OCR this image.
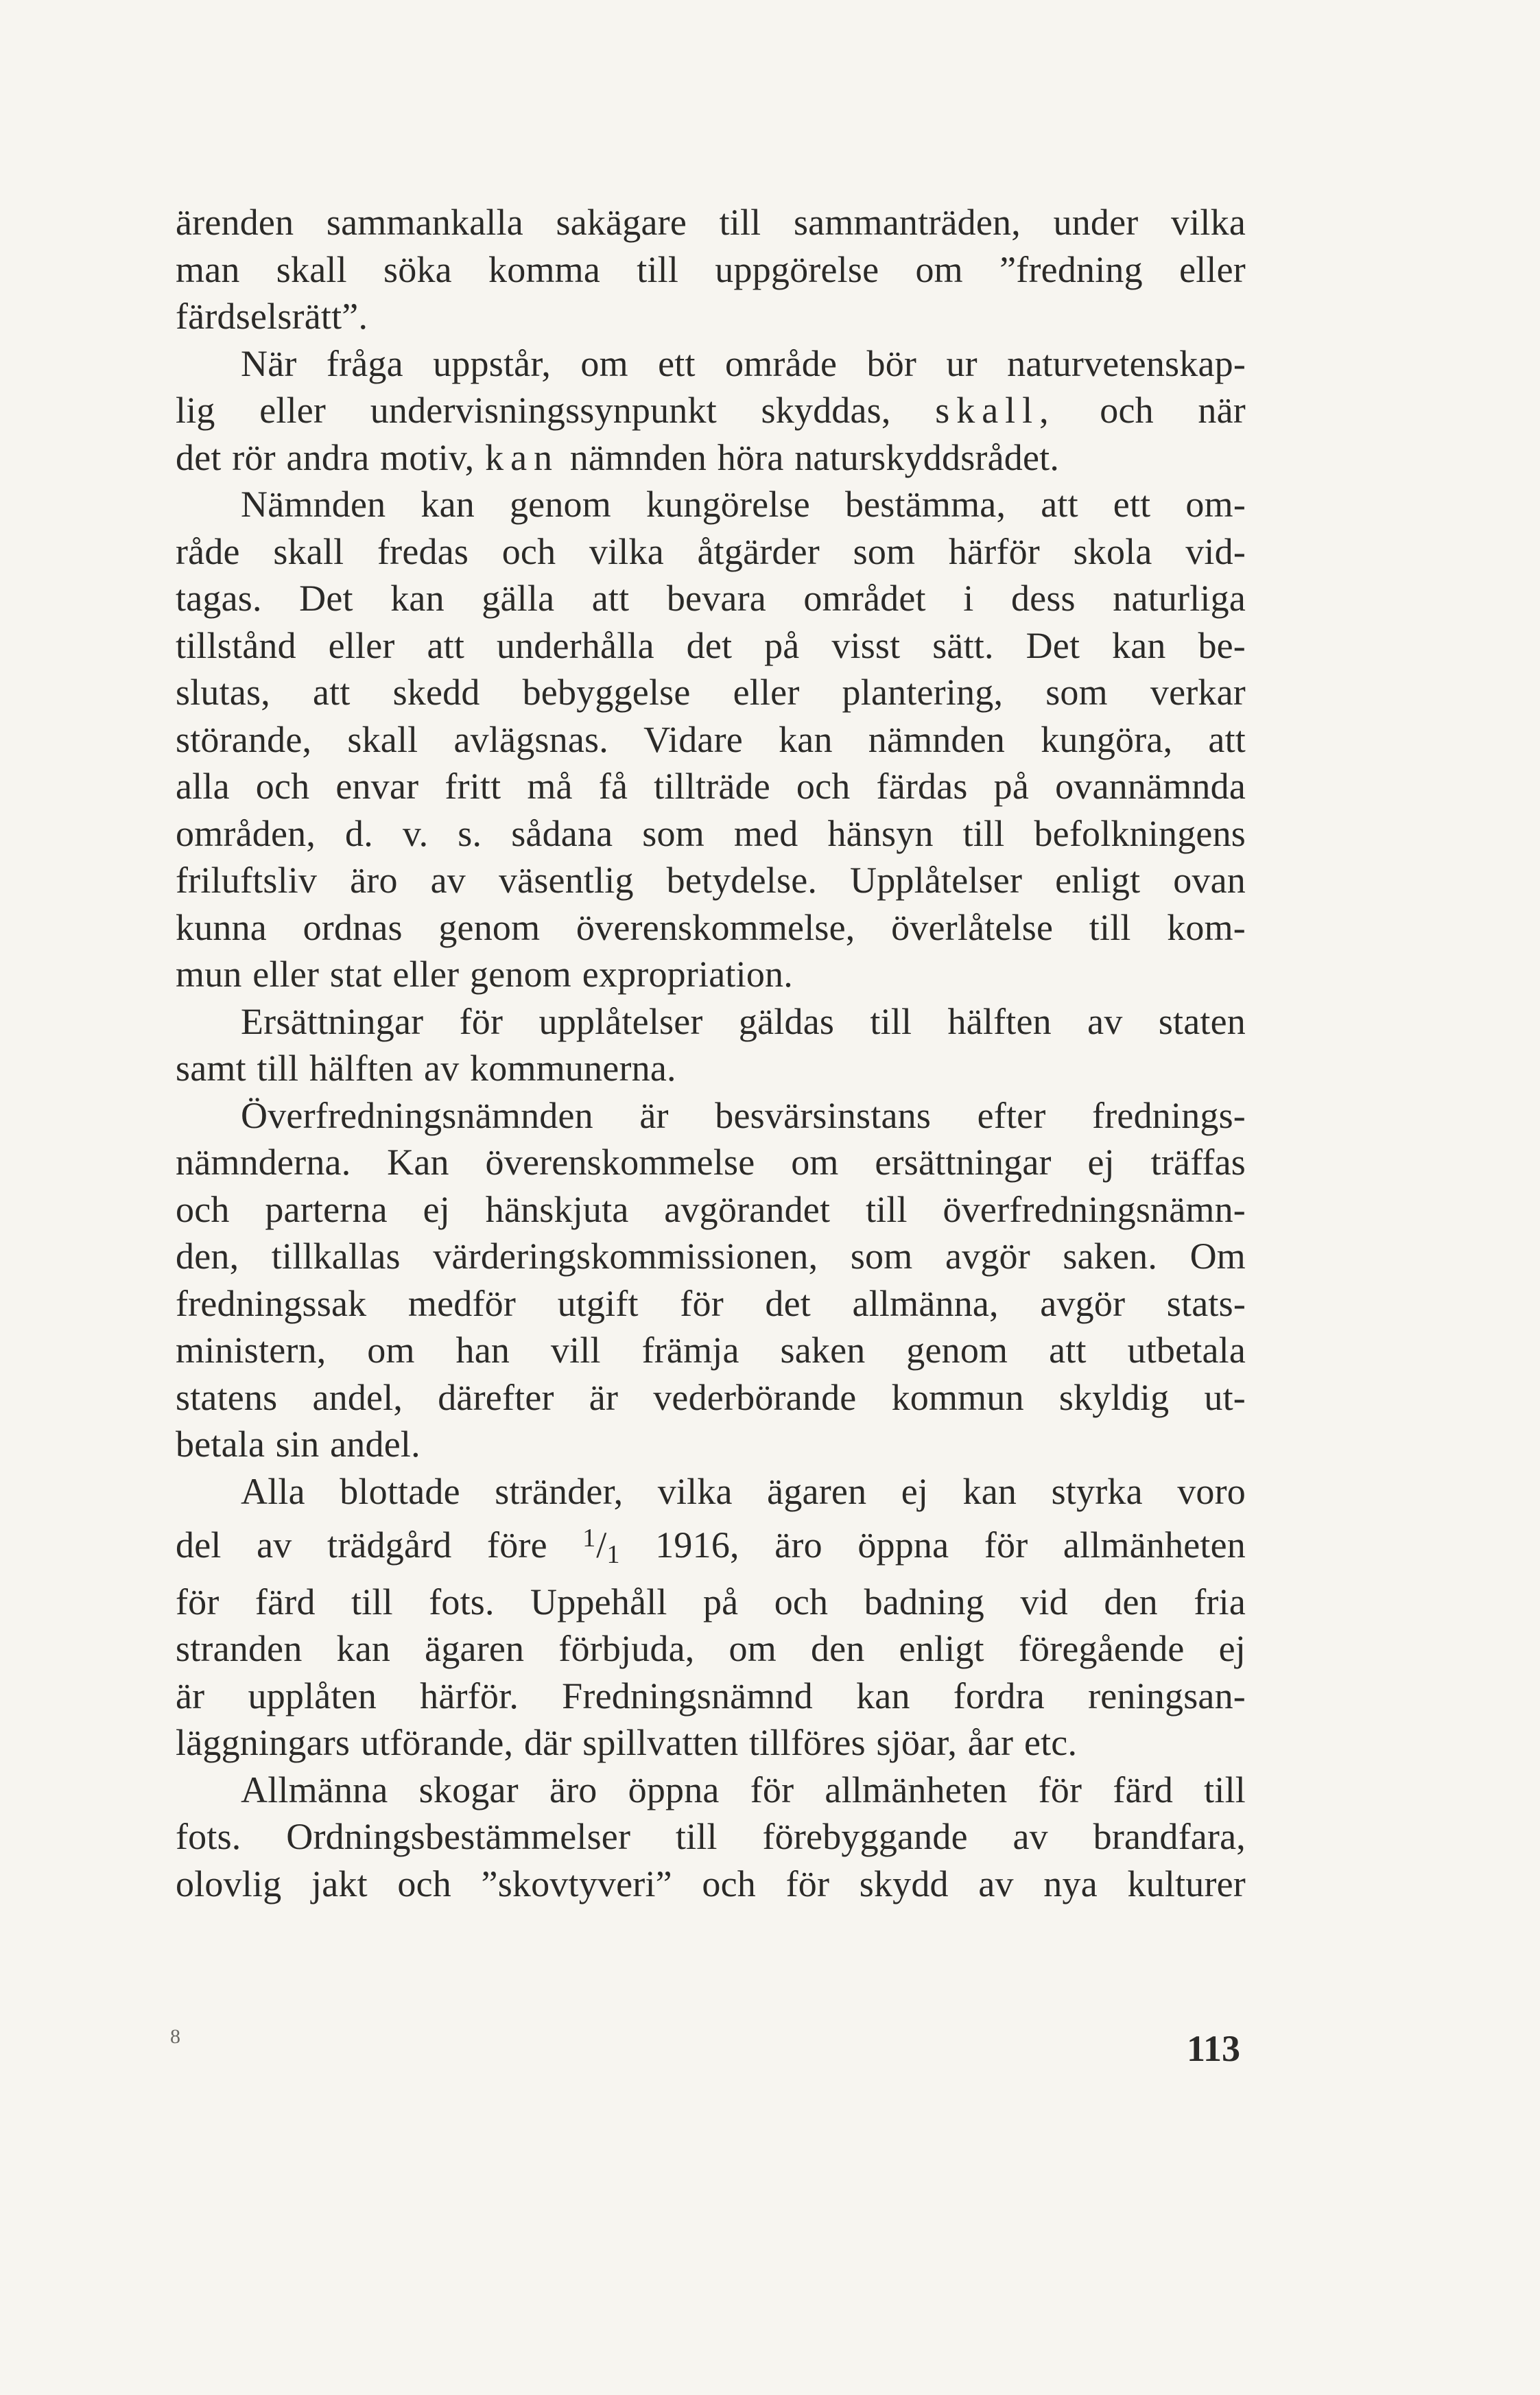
ärenden sammankalla sakägare till sammanträden, under vilka

man skall söka komma till uppgörelse om ”fredning eller

färdselsrätt”.

När fråga uppstår, om ett område bör ur naturvetenskap-

lig eller undervisningssynpunkt skyddas, skall, och när

det rör andra motiv, kan nämnden höra naturskyddsrådet.

Nämnden kan genom kungörelse bestämma, att ett om-

råde skall fredas och vilka åtgärder som härför skola vid-

tagas. Det kan gälla att bevara området i dess naturliga

tillstånd eller att underhålla det på visst sätt. Det kan be-

slutas, att skedd bebyggelse eller plantering, som verkar

störande, skall avlägsnas. Vidare kan nämnden kungöra, att

alla och envar fritt må få tillträde och färdas på ovannämnda

områden, d. v. s. sådana som med hänsyn till befolkningens

friluftsliv äro av väsentlig betydelse. Upplåtelser enligt ovan

kunna ordnas genom överenskommelse, överlåtelse till kom-

mun eller stat eller genom expropriation.

Ersättningar för upplåtelser gäldas till hälften av staten

samt till hälften av kommunerna.

Överfredningsnämnden är besvärsinstans efter frednings-

nämnderna. Kan överenskommelse om ersättningar ej träffas

och parterna ej hänskjuta avgörandet till överfredningsnämn-

den, tillkallas värderingskommissionen, som avgör saken. Om

fredningssak medför utgift för det allmänna, avgör stats-

ministern, om han vill främja saken genom att utbetala

statens andel, därefter är vederbörande kommun skyldig ut-

betala sin andel.

Alla blottade stränder, vilka ägaren ej kan styrka voro

del av trädgård före $^1$/1 1916, äro öppna för allmänheten

för färd till fots. Uppehåll på och badning vid den fria

stranden kan ägaren förbjuda, om den enligt föregående ej

är upplåten härför. Fredningsnämnd kan fordra reningsan-

läggningars utförande, där spillvatten tillföres sjöar, åar etc.

Allmänna skogar äro öppna för allmänheten för färd till

fots. Ordningsbestämmelser till förebyggande av brandfara,

olovlig jakt och ”skovtyveri” och för skydd av nya kulturer

8	113
